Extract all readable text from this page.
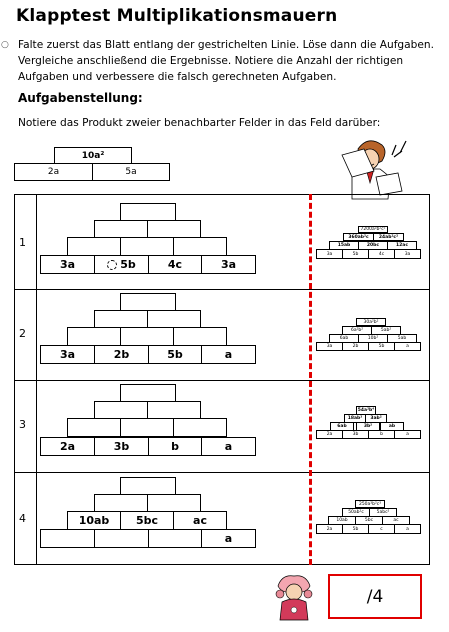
Klapptest Multiplikationsmauern
○ Falte zuerst das Blatt entlang der gestrichelten Linie. Löse dann die Aufgaben. Vergleiche anschließend die Ergebnisse. Notiere die Anzahl der richtigen Aufgaben und verbessere die falsch gerechneten Aufgaben.
Aufgabenstellung:
Notiere das Produkt zweier benachbarter Felder in das Feld darüber:
10a²
2a	5a
1
2
3
4
3a	5b	4c	3a
3a	2b	5b	a
2a	3b	b	a
10ab	5bc	ac
a
7200a²b²c²
360ab²c	24ab²c²
15ab	20bc	12ac
3a	5b	4c	3a
30a²b²
6a²b²	5ab²
6ab	10b²	5ab
3a	2b	5b	a
54a²b⁴
18ab³	3ab²
6ab	3b²	ab
2a	3b	b	a
250a³b²c³
50ab²c	5abc²
10ab	5bc	ac
2a	5b	c	a
/4
